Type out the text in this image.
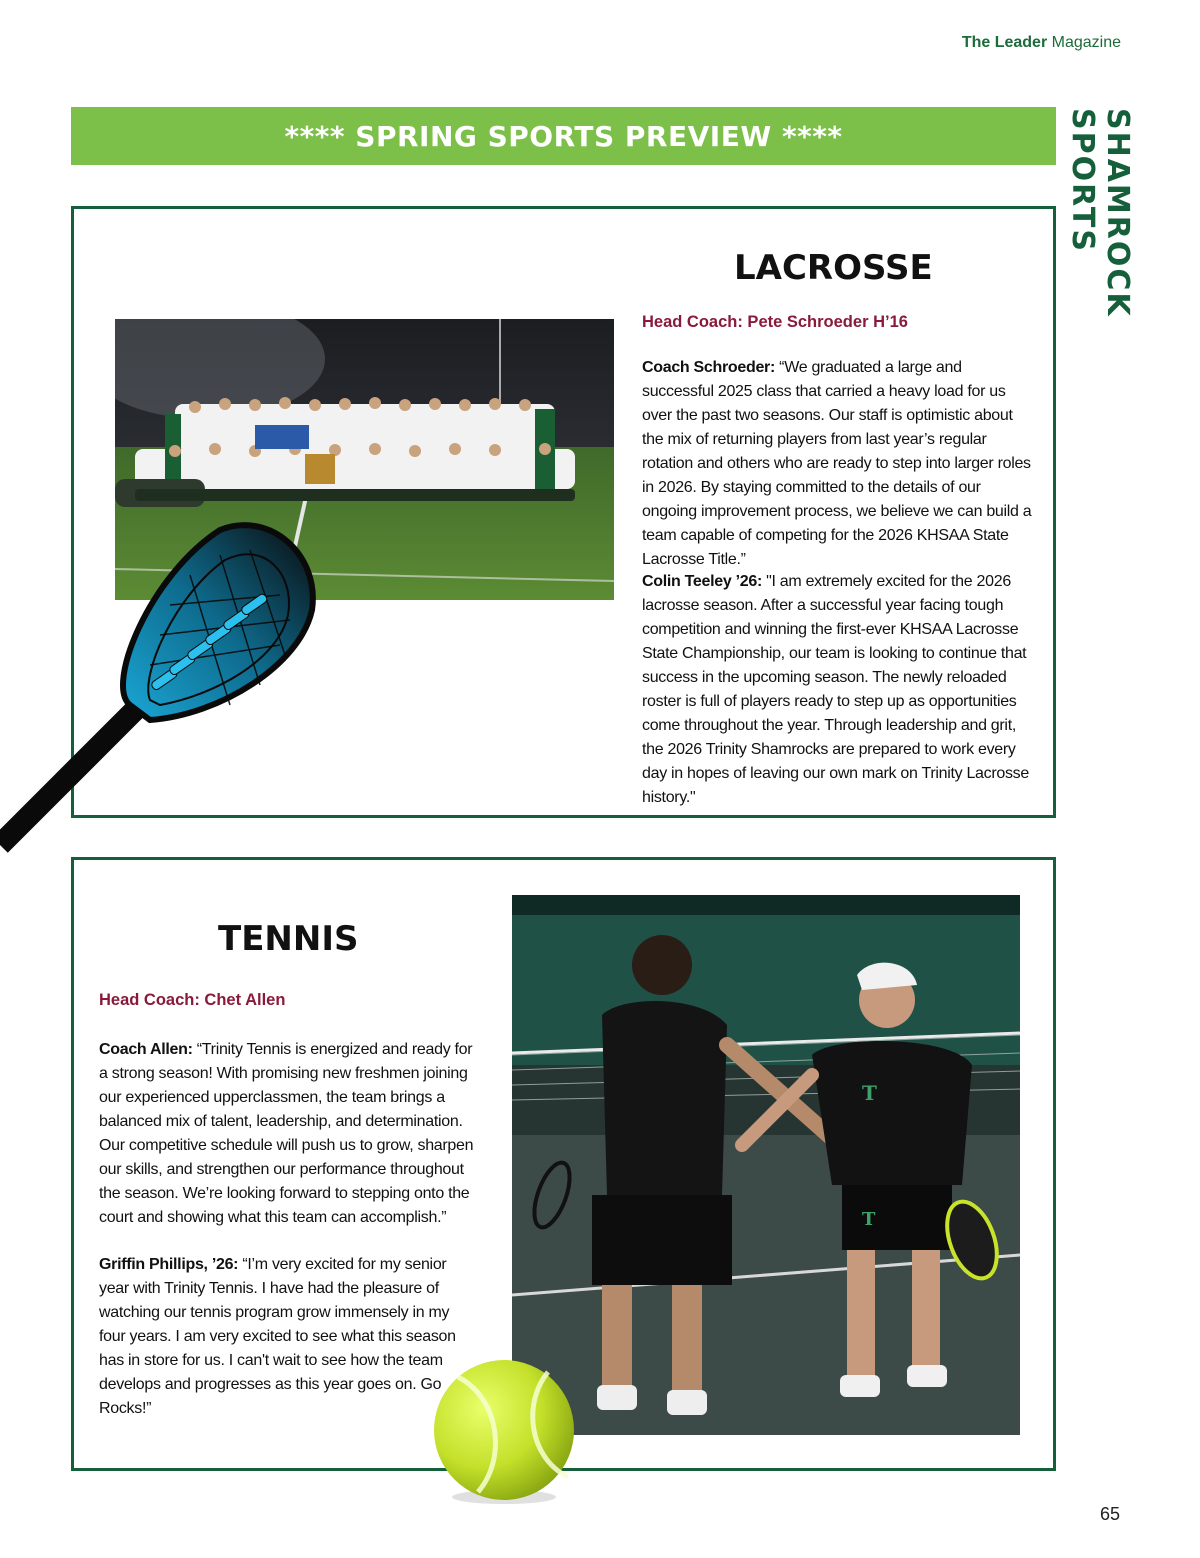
The Leader Magazine
SHAMROCK SPORTS
**** SPRING SPORTS PREVIEW ****
LACROSSE
Head Coach: Pete Schroeder H’16
Coach Schroeder: “We graduated a large and successful 2025 class that carried a heavy load for us over the past two seasons. Our staff is optimistic about the mix of returning players from last year’s regular rotation and others who are ready to step into larger roles in 2026. By staying committed to the details of our ongoing improvement process, we believe we can build a team capable of competing for the 2026 KHSAA State Lacrosse Title.”
Colin Teeley ’26: "I am extremely excited for the 2026 lacrosse season. After a successful year facing tough competition and winning the first-ever KHSAA Lacrosse State Championship, our team is looking to continue that success in the upcoming season. The newly reloaded roster is full of players ready to step up as opportunities come throughout the year. Through leadership and grit, the 2026 Trinity Shamrocks are prepared to work every day in hopes of leaving our own mark on Trinity Lacrosse history."
TENNIS
Head Coach: Chet Allen
Coach Allen: “Trinity Tennis is energized and ready for a strong season! With promising new freshmen joining our experienced upperclassmen, the team brings a balanced mix of talent, leadership, and determination. Our competitive schedule will push us to grow, sharpen our skills, and strengthen our performance throughout the season. We’re looking forward to stepping onto the court and showing what this team can accomplish.”
Griffin Phillips, ’26: “I’m very excited for my senior year with Trinity Tennis. I have had the pleasure of watching our tennis program grow immensely in my four years. I am very excited to see what this season has in store for us. I can't wait to see how the team develops and progresses as this year goes on. Go Rocks!”
T
T
65
